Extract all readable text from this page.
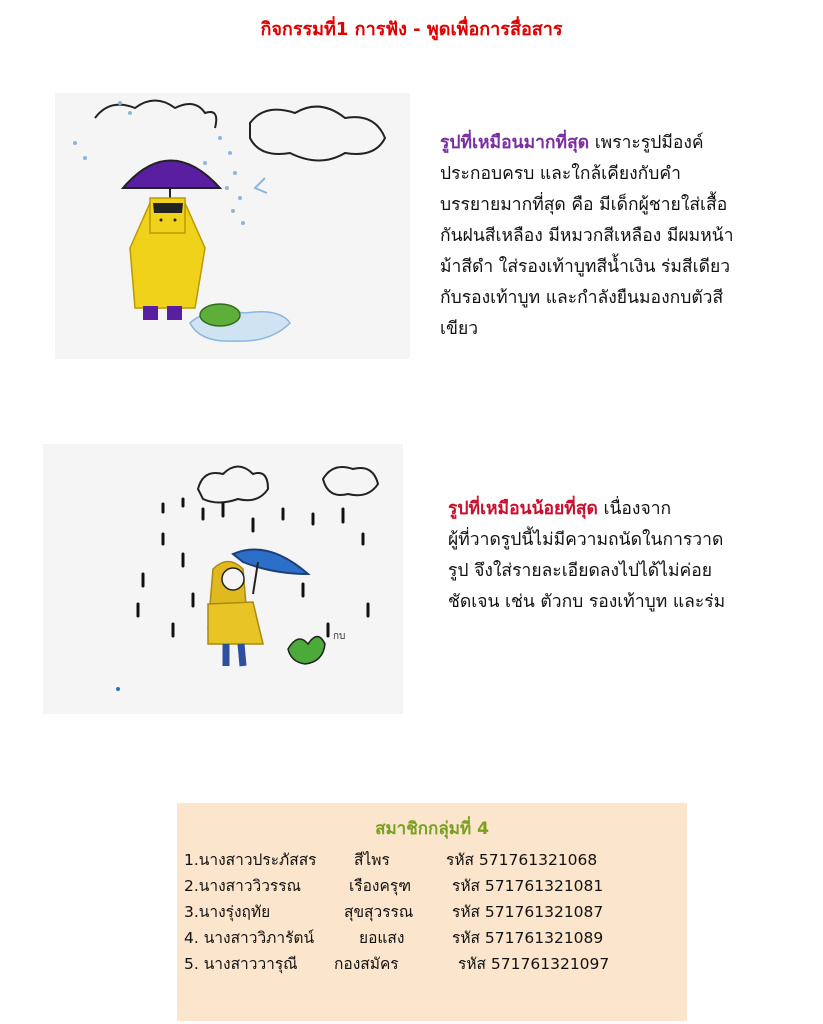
กิจกรรมที่1 การฟัง - พูดเพื่อการสื่อสาร
รูปที่เหมือนมากที่สุด เพราะรูปมีองค์
ประกอบครบ และใกล้เคียงกับคำ
บรรยายมากที่สุด คือ มีเด็กผู้ชายใส่เสื้อ
กันฝนสีเหลือง มีหมวกสีเหลือง มีผมหน้า
ม้าสีดำ ใส่รองเท้าบูทสีน้ำเงิน ร่มสีเดียว
กับรองเท้าบูท และกำลังยืนมองกบตัวสี
เขียว
กบ
รูปที่เหมือนน้อยที่สุด เนื่องจาก
ผู้ที่วาดรูปนี้ไม่มีความถนัดในการวาด
รูป จึงใส่รายละเอียดลงไปได้ไม่ค่อย
ชัดเจน เช่น ตัวกบ รองเท้าบูท และร่ม
สมาชิกกลุ่มที่ 4
1.นางสาวประภัสสร สีไพร	รหัส 571761321068
2.นางสาววิวรรณ	เรืองครุฑ	รหัส 571761321081
3.นางรุ่งฤทัย	สุขสุวรรณ รหัส 571761321087
4. นางสาววิภารัตน์	ยอแสง	รหัส 571761321089
5. นางสาววารุณี กองสมัคร	รหัส 571761321097
